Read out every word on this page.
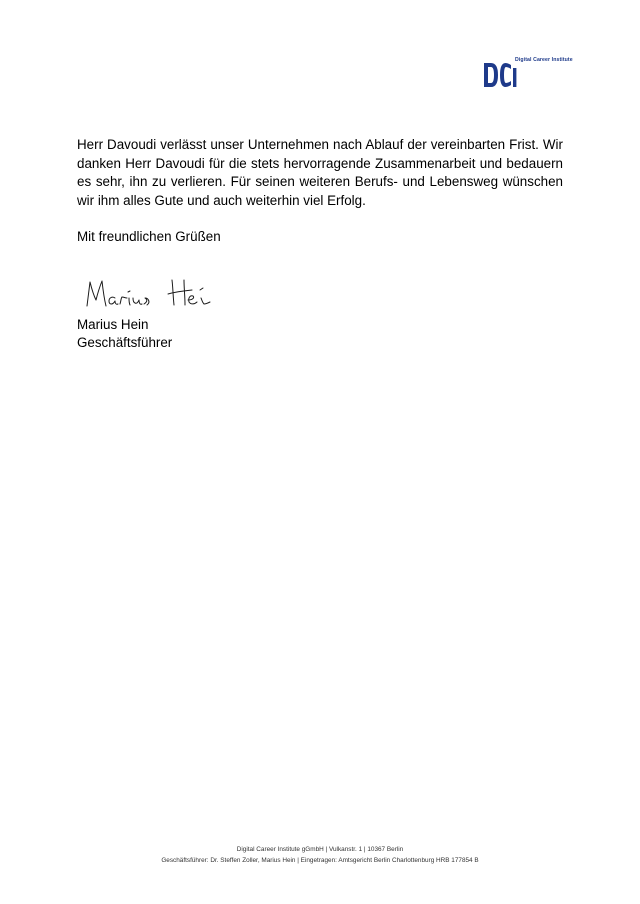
Digital Career Institute

Herr Davoudi verlässt unser Unternehmen nach Ablauf der vereinbarten Frist. Wir danken Herr Davoudi für die stets hervorragende Zusammenarbeit und bedauern es sehr, ihn zu verlieren. Für seinen weiteren Berufs- und Lebensweg wünschen wir ihm alles Gute und auch weiterhin viel Erfolg.

Mit freundlichen Grüßen
Marius Hein
Geschäftsführer
Digital Career Institute gGmbH | Vulkanstr. 1 | 10367 Berlin
Geschäftsführer: Dr. Steffen Zoller, Marius Hein | Eingetragen: Amtsgericht Berlin Charlottenburg HRB 177854 B
